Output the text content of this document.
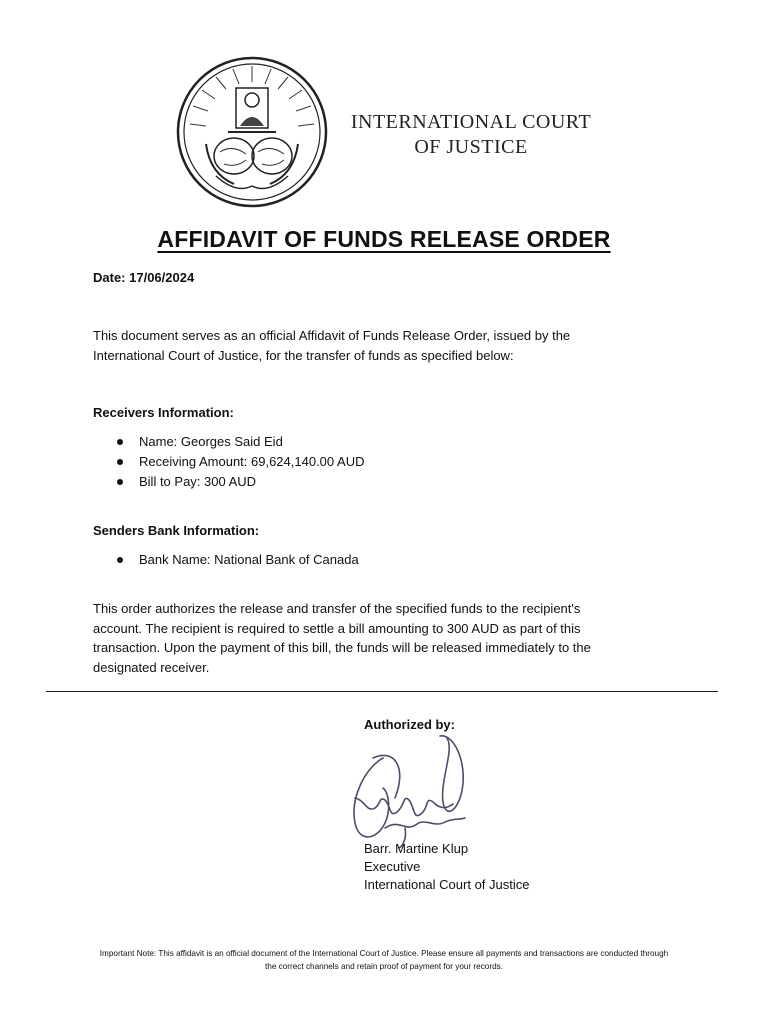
INTERNATIONAL COURT
OF JUSTICE
AFFIDAVIT OF FUNDS RELEASE ORDER
Date: 17/06/2024
This document serves as an official Affidavit of Funds Release Order, issued by the
International Court of Justice, for the transfer of funds as specified below:
Receivers Information:
Name: Georges Said Eid
Receiving Amount: 69,624,140.00 AUD
Bill to Pay: 300 AUD
Senders Bank Information:
Bank Name: National Bank of Canada
This order authorizes the release and transfer of the specified funds to the recipient's
account. The recipient is required to settle a bill amounting to 300 AUD as part of this
transaction. Upon the payment of this bill, the funds will be released immediately to the
designated receiver.
Authorized by:
Barr. Martine Klup
Executive
International Court of Justice
Important Note: This affidavit is an official document of the International Court of Justice. Please ensure all payments and transactions are conducted through
the correct channels and retain proof of payment for your records.
